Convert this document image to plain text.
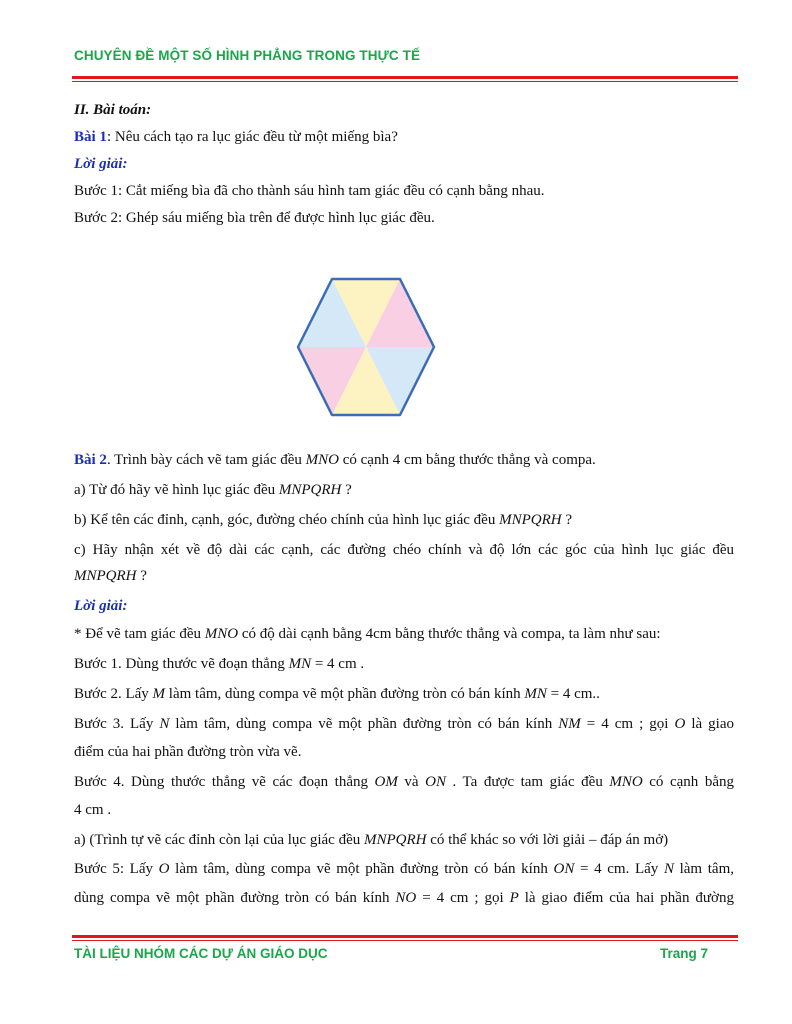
CHUYÊN ĐỀ MỘT SỐ HÌNH PHẲNG TRONG THỰC TẾ
II. Bài toán:
Bài 1: Nêu cách tạo ra lục giác đều từ một miếng bìa?
Lời giải:
Bước 1: Cắt miếng bìa đã cho thành sáu hình tam giác đều có cạnh bằng nhau.
Bước 2: Ghép sáu miếng bìa trên để được hình lục giác đều.
Bài 2. Trình bày cách vẽ tam giác đều MNO có cạnh 4 cm bằng thước thẳng và compa.
a) Từ đó hãy vẽ hình lục giác đều MNPQRH ?
b) Kể tên các đỉnh, cạnh, góc, đường chéo chính của hình lục giác đều MNPQRH ?
c) Hãy nhận xét về độ dài các cạnh, các đường chéo chính và độ lớn các góc của hình lục giác đều
MNPQRH ?
Lời giải:
* Để vẽ tam giác đều MNO có độ dài cạnh bằng 4cm bằng thước thẳng và compa, ta làm như sau:
Bước 1. Dùng thước vẽ đoạn thẳng MN = 4 cm .
Bước 2. Lấy M làm tâm, dùng compa vẽ một phần đường tròn có bán kính MN = 4 cm..
Bước 3. Lấy N làm tâm, dùng compa vẽ một phần đường tròn có bán kính NM = 4 cm ; gọi O là giao
điểm của hai phần đường tròn vừa vẽ.
Bước 4. Dùng thước thẳng vẽ các đoạn thẳng OM và ON . Ta được tam giác đều MNO có cạnh bằng
4 cm .
a) (Trình tự vẽ các đỉnh còn lại của lục giác đều MNPQRH có thể khác so với lời giải – đáp án mở)
Bước 5: Lấy O làm tâm, dùng compa vẽ một phần đường tròn có bán kính ON = 4 cm. Lấy N làm tâm,
dùng compa vẽ một phần đường tròn có bán kính NO = 4 cm ; gọi P là giao điểm của hai phần đường
TÀI LIỆU NHÓM CÁC DỰ ÁN GIÁO DỤC	Trang 7
